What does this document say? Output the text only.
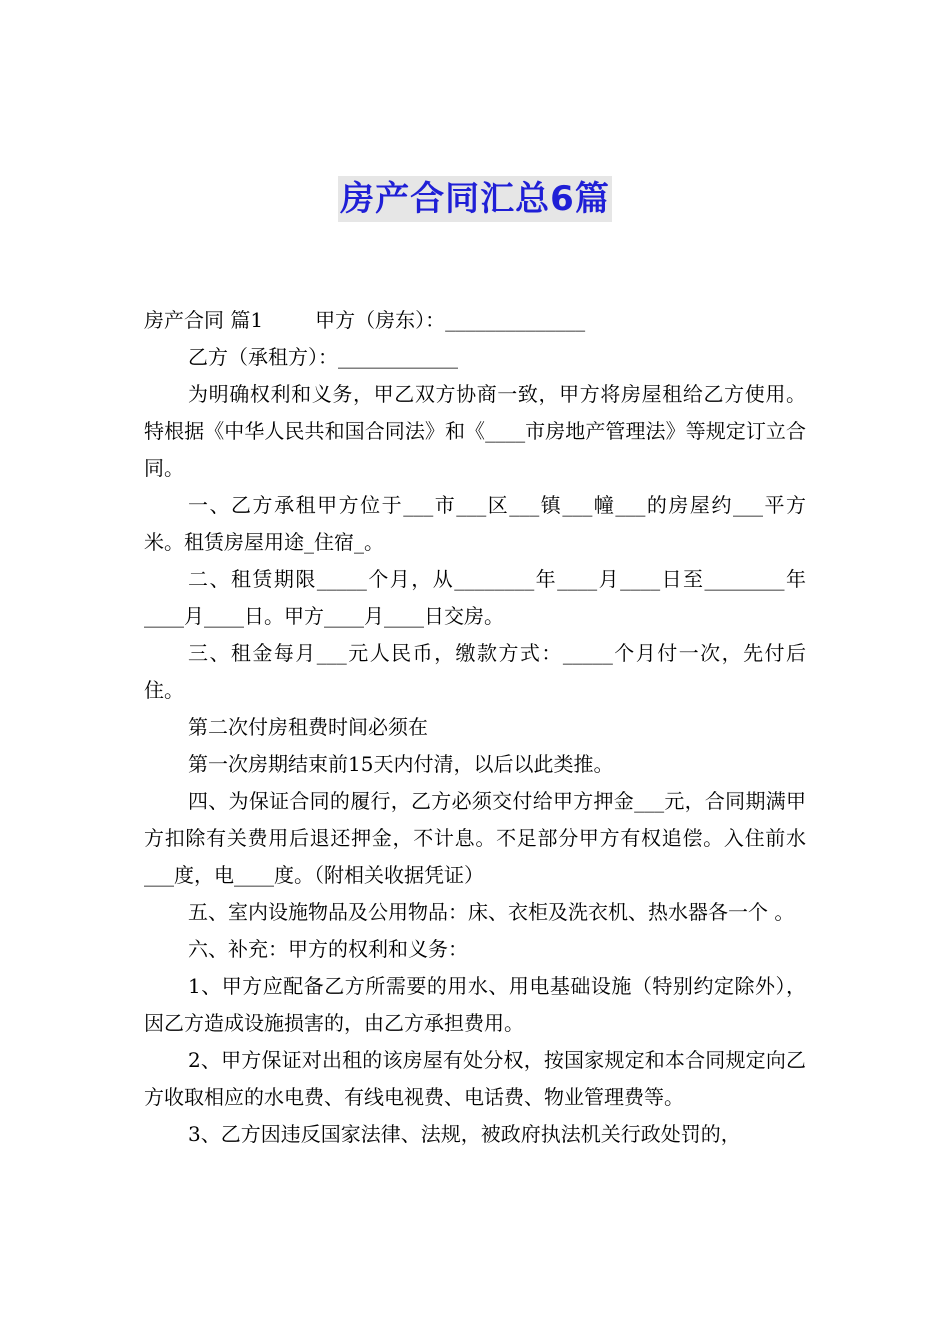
房产合同汇总6篇

房产合同 篇1	甲方（房东）：______________

乙方（承租方）：____________

为明确权利和义务，甲乙双方协商一致，甲方将房屋租给乙方使用。特根据《中华人民共和国合同法》和《____市房地产管理法》等规定订立合同。

一、乙方承租甲方位于___市___区___镇___幢___的房屋约___平方米。租赁房屋用途_住宿_。

二、租赁期限_____个月，从________年____月____日至________年____月____日。甲方____月____日交房。

三、租金每月___元人民币，缴款方式：_____个月付一次，先付后住。

第二次付房租费时间必须在

第一次房期结束前15天内付清，以后以此类推。

四、为保证合同的履行，乙方必须交付给甲方押金___元，合同期满甲方扣除有关费用后退还押金，不计息。不足部分甲方有权追偿。入住前水___度，电____度。（附相关收据凭证）

五、室内设施物品及公用物品：床、衣柜及洗衣机、热水器各一个 。

六、补充：甲方的权利和义务：

1、甲方应配备乙方所需要的用水、用电基础设施（特别约定除外），因乙方造成设施损害的，由乙方承担费用。

2、甲方保证对出租的该房屋有处分权，按国家规定和本合同规定向乙方收取相应的水电费、有线电视费、电话费、物业管理费等。

3、乙方因违反国家法律、法规，被政府执法机关行政处罚的，
